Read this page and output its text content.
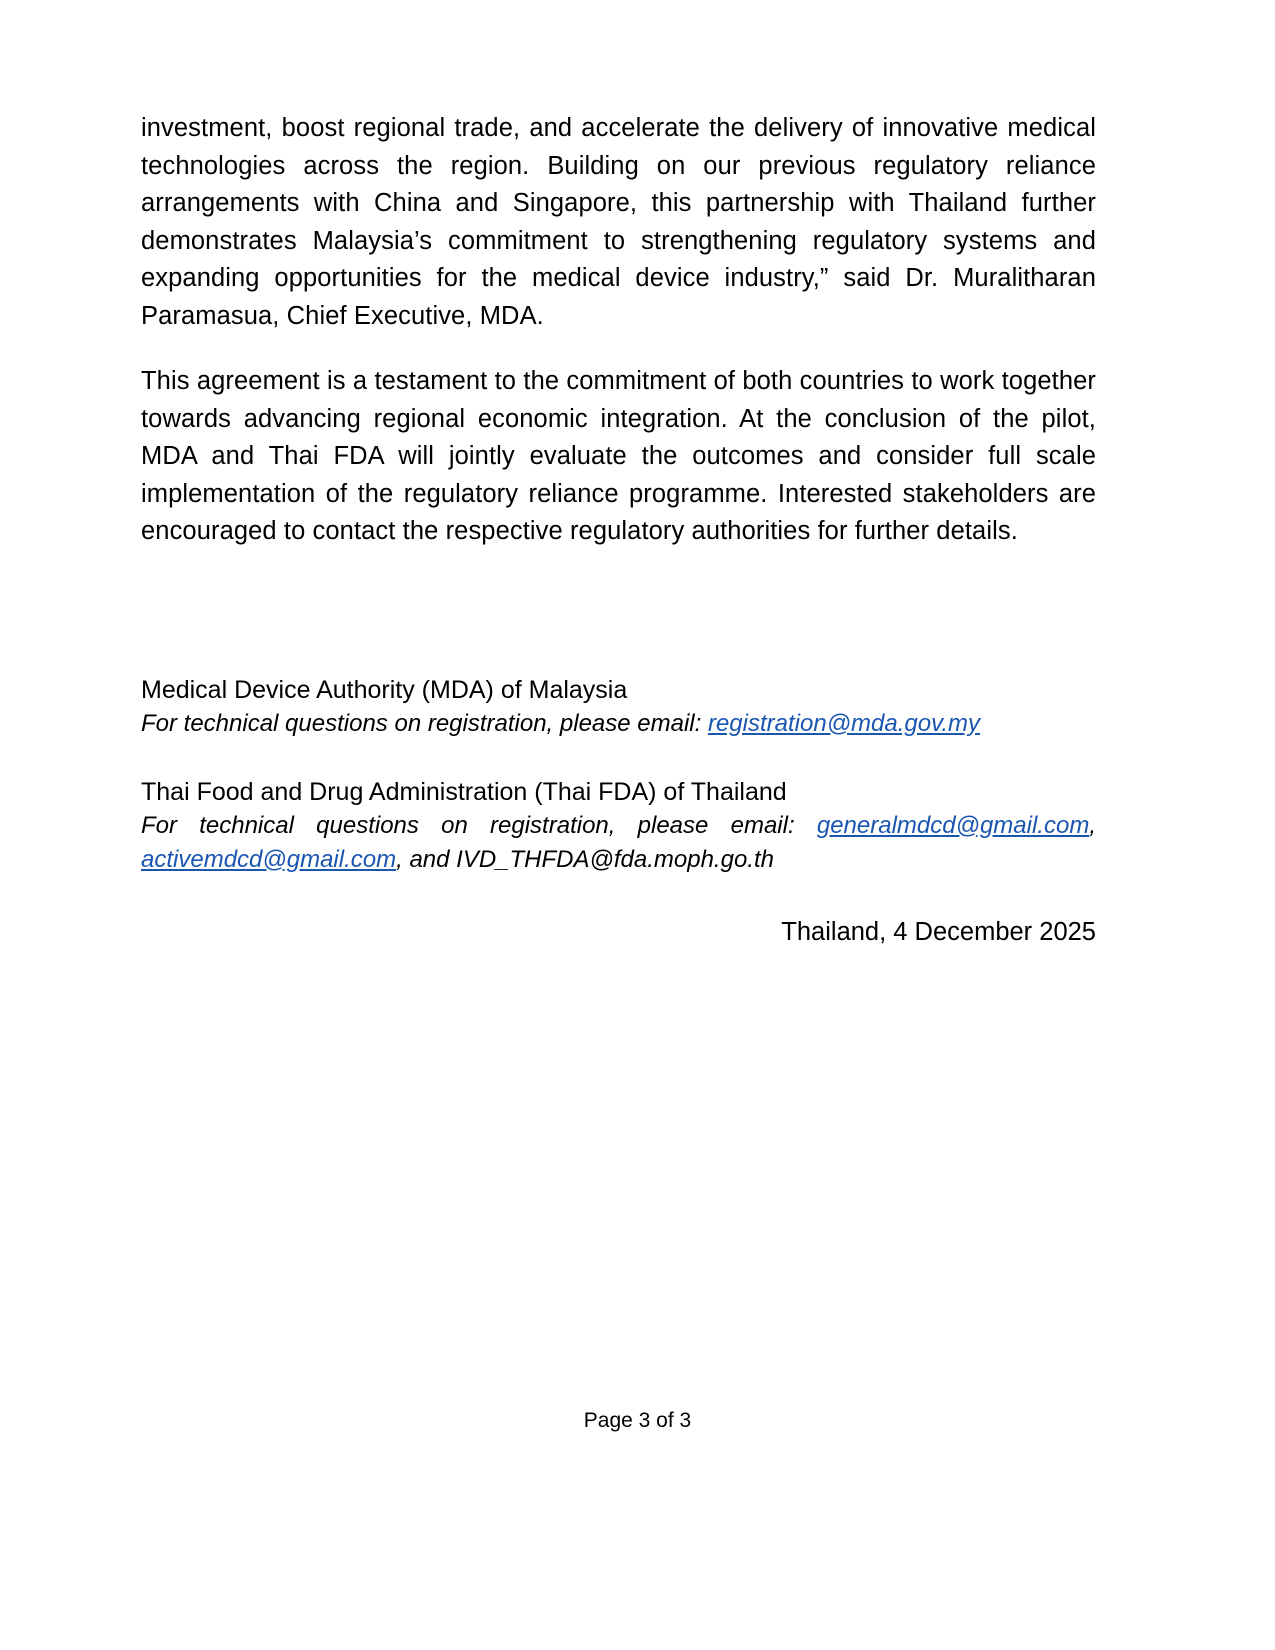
investment, boost regional trade, and accelerate the delivery of innovative medical technologies across the region. Building on our previous regulatory reliance arrangements with China and Singapore, this partnership with Thailand further demonstrates Malaysia’s commitment to strengthening regulatory systems and expanding opportunities for the medical device industry,” said Dr. Muralitharan Paramasua, Chief Executive, MDA.

This agreement is a testament to the commitment of both countries to work together towards advancing regional economic integration. At the conclusion of the pilot, MDA and Thai FDA will jointly evaluate the outcomes and consider full scale implementation of the regulatory reliance programme. Interested stakeholders are encouraged to contact the respective regulatory authorities for further details.

Medical Device Authority (MDA) of Malaysia

For technical questions on registration, please email: registration@mda.gov.my

Thai Food and Drug Administration (Thai FDA) of Thailand

For technical questions on registration, please email: generalmdcd@gmail.com, activemdcd@gmail.com, and IVD_THFDA@fda.moph.go.th

Thailand, 4 December 2025

Page 3 of 3
